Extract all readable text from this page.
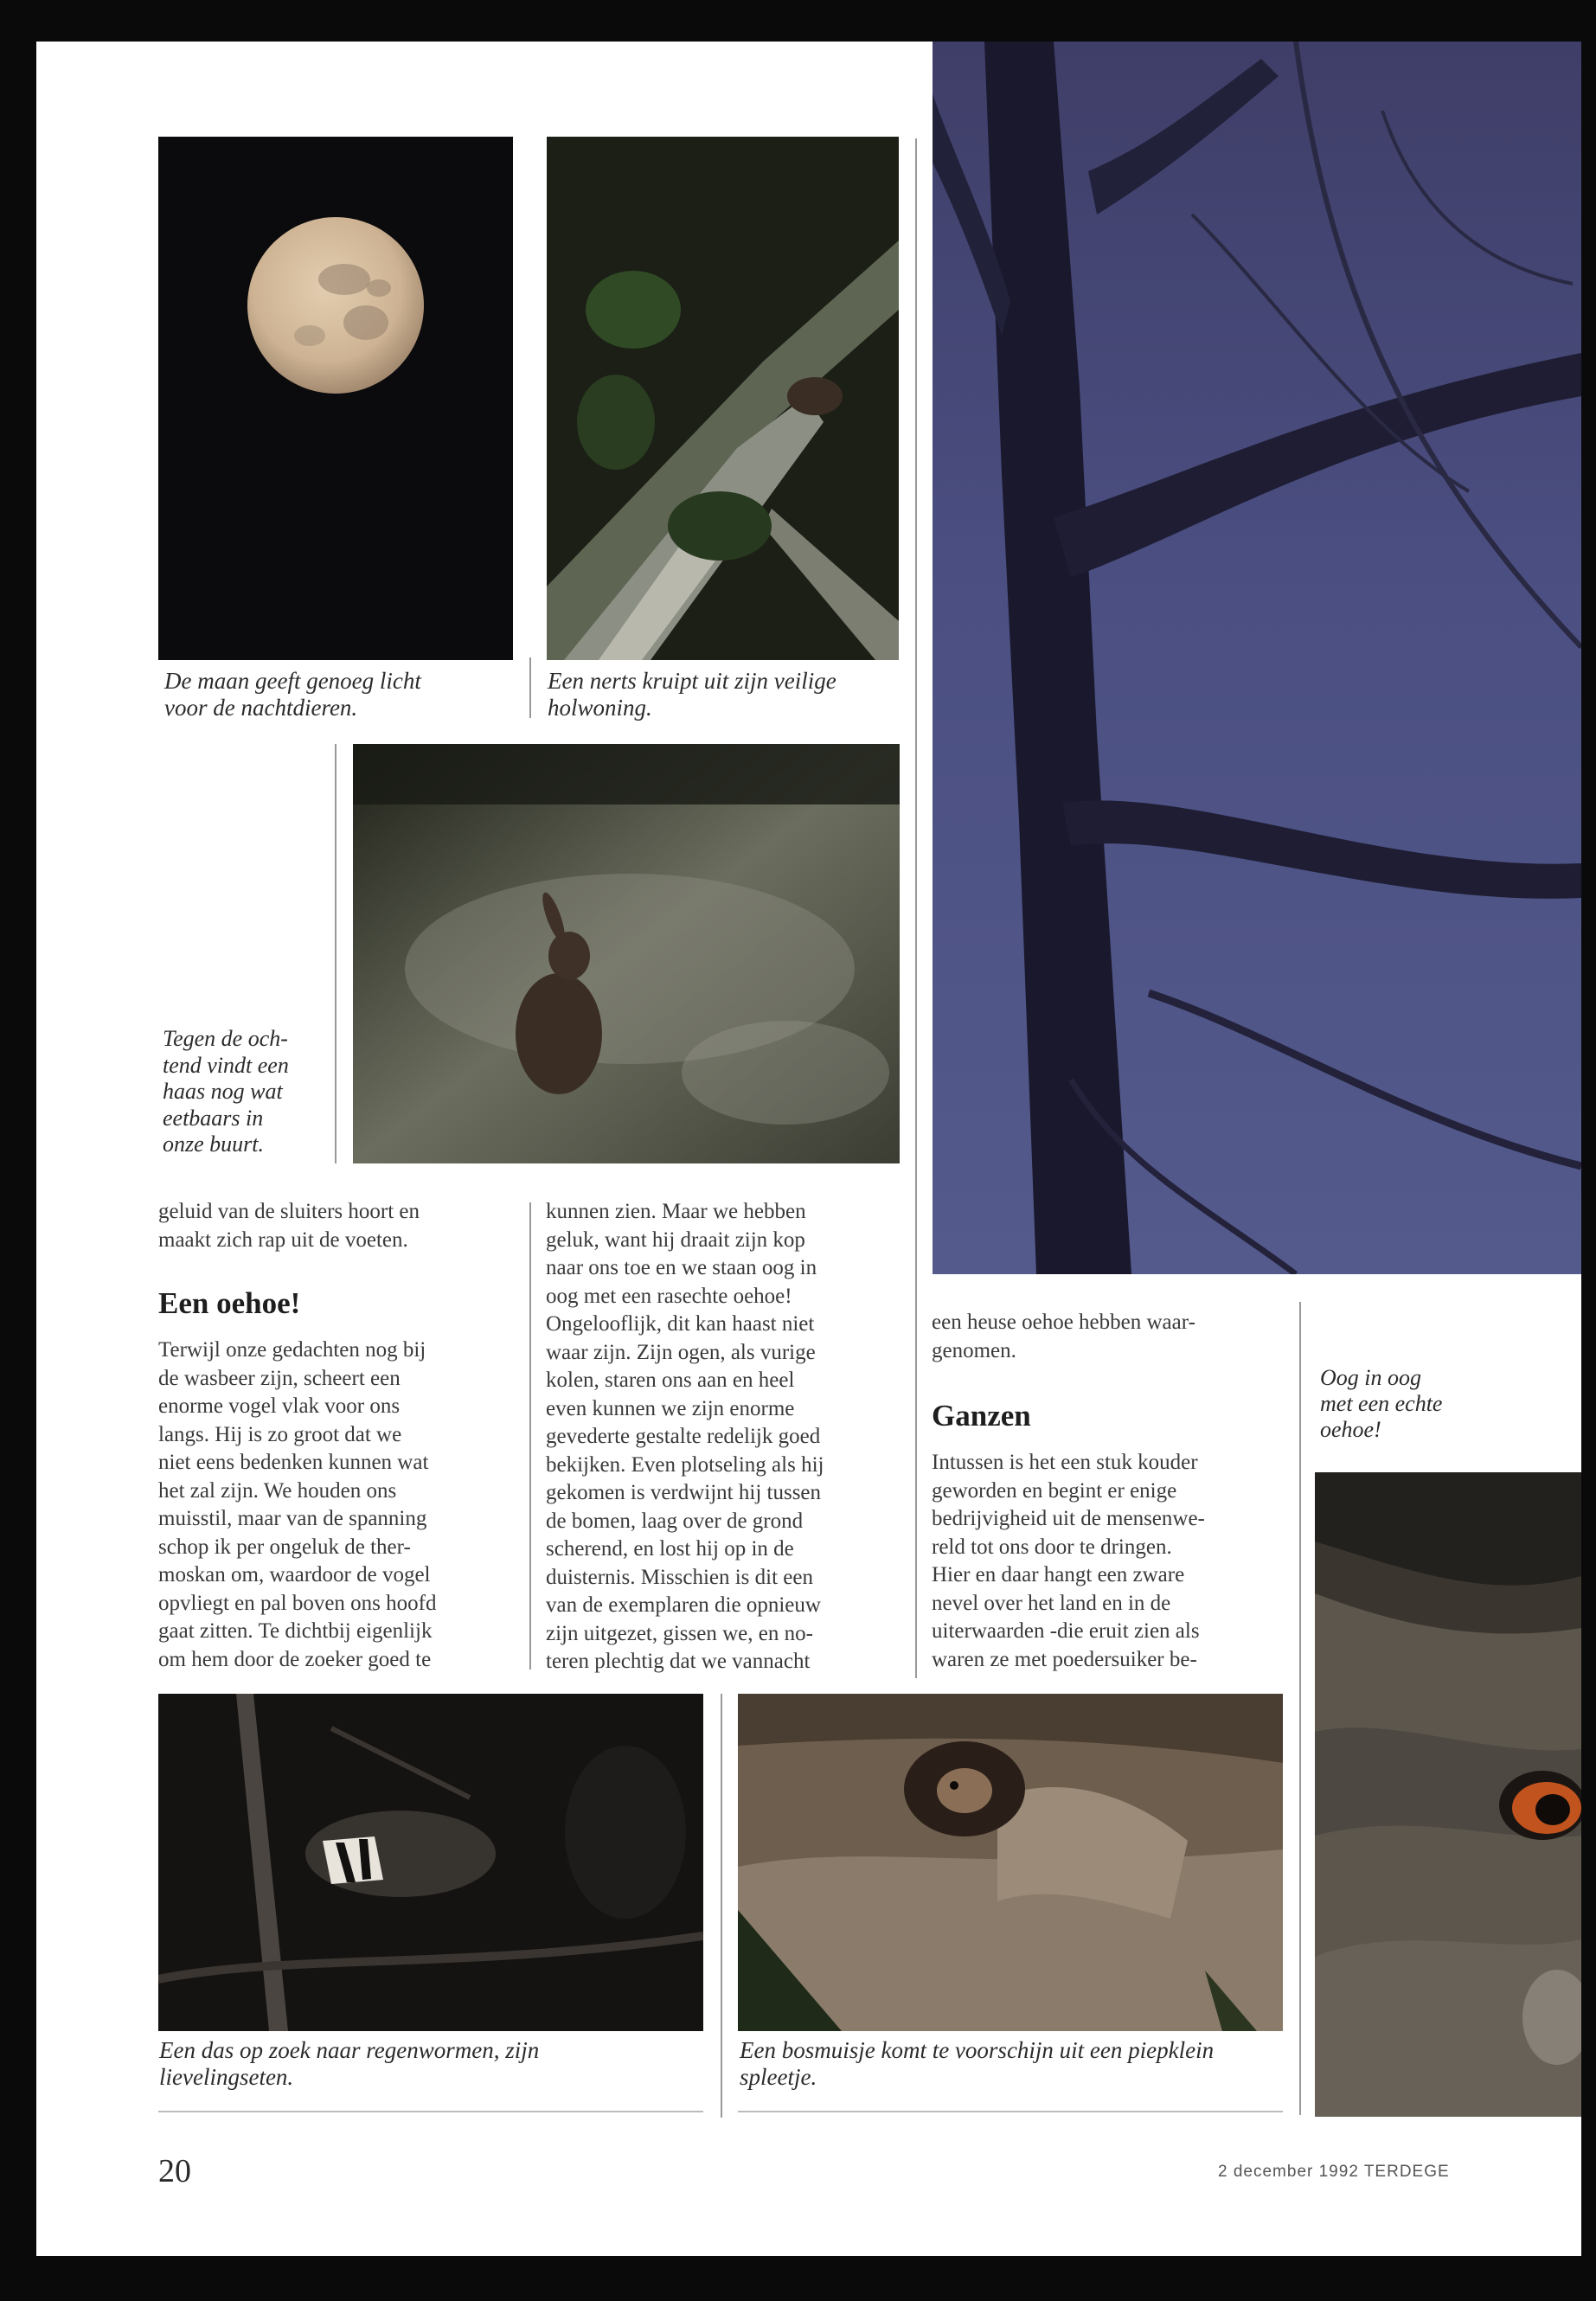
De maan geeft genoeg licht
voor de nachtdieren.
Een nerts kruipt uit zijn veilige
holwoning.
Tegen de och-
tend vindt een
haas nog wat
eetbaars in
onze buurt.
Oog in oog
met een echte
oehoe!
Een das op zoek naar regenwormen, zijn
lievelingseten.
Een bosmuisje komt te voorschijn uit een piepklein
spleetje.
geluid van de sluiters hoort en
maakt zich rap uit de voeten.
Een oehoe!
Terwijl onze gedachten nog bij
de wasbeer zijn, scheert een
enorme vogel vlak voor ons
langs. Hij is zo groot dat we
niet eens bedenken kunnen wat
het zal zijn. We houden ons
muisstil, maar van de spanning
schop ik per ongeluk de ther-
moskan om, waardoor de vogel
opvliegt en pal boven ons hoofd
gaat zitten. Te dichtbij eigenlijk
om hem door de zoeker goed te
kunnen zien. Maar we hebben
geluk, want hij draait zijn kop
naar ons toe en we staan oog in
oog met een rasechte oehoe!
Ongelooflijk, dit kan haast niet
waar zijn. Zijn ogen, als vurige
kolen, staren ons aan en heel
even kunnen we zijn enorme
gevederte gestalte redelijk goed
bekijken. Even plotseling als hij
gekomen is verdwijnt hij tussen
de bomen, laag over de grond
scherend, en lost hij op in de
duisternis. Misschien is dit een
van de exemplaren die opnieuw
zijn uitgezet, gissen we, en no-
teren plechtig dat we vannacht
een heuse oehoe hebben waar-
genomen.
Ganzen
Intussen is het een stuk kouder
geworden en begint er enige
bedrijvigheid uit de mensenwe-
reld tot ons door te dringen.
Hier en daar hangt een zware
nevel over het land en in de
uiterwaarden -die eruit zien als
waren ze met poedersuiker be-
20	2 december 1992 TERDEGE
